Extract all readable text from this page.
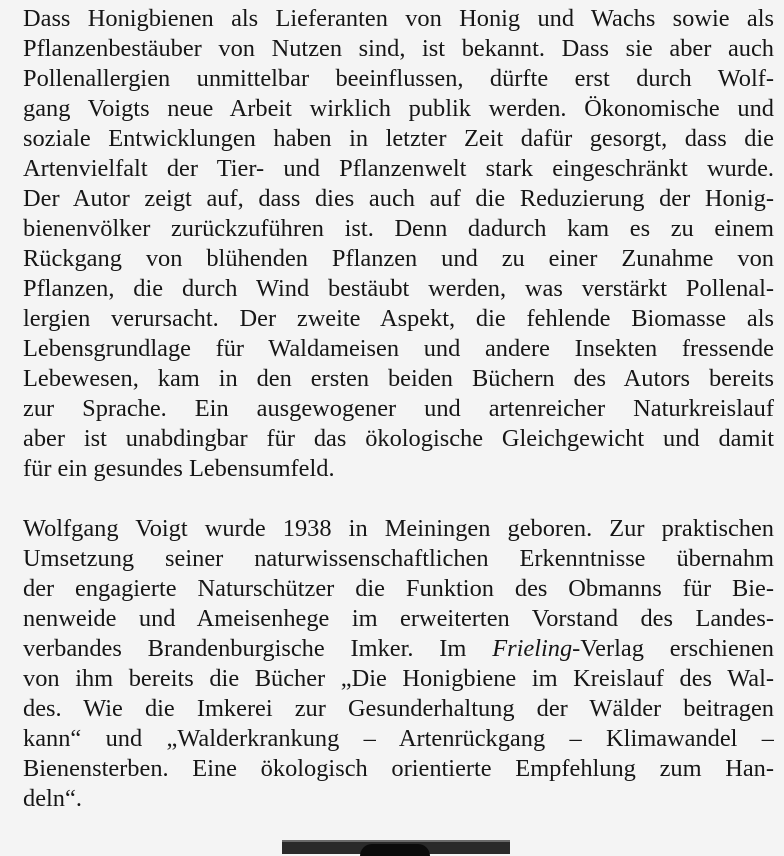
Dass Honigbienen als Lieferanten von Honig und Wachs sowie als
Pflanzenbestäuber von Nutzen sind, ist bekannt. Dass sie aber auch
Pollenallergien unmittelbar beeinflussen, dürfte erst durch Wolf-
gang Voigts neue Arbeit wirklich publik werden. Ökonomische und
soziale Entwicklungen haben in letzter Zeit dafür gesorgt, dass die
Artenvielfalt der Tier- und Pflanzenwelt stark eingeschränkt wurde.
Der Autor zeigt auf, dass dies auch auf die Reduzierung der Honig-
bienenvölker zurückzuführen ist. Denn dadurch kam es zu einem
Rückgang von blühenden Pflanzen und zu einer Zunahme von
Pflanzen, die durch Wind bestäubt werden, was verstärkt Pollenal-
lergien verursacht. Der zweite Aspekt, die fehlende Biomasse als
Lebensgrundlage für Waldameisen und andere Insekten fressende
Lebewesen, kam in den ersten beiden Büchern des Autors bereits
zur Sprache. Ein ausgewogener und artenreicher Naturkreislauf
aber ist unabdingbar für das ökologische Gleichgewicht und damit
für ein gesundes Lebensumfeld.

Wolfgang Voigt wurde 1938 in Meiningen geboren. Zur praktischen
Umsetzung seiner naturwissenschaftlichen Erkenntnisse übernahm
der engagierte Naturschützer die Funktion des Obmanns für Bie-
nenweide und Ameisenhege im erweiterten Vorstand des Landes-
verbandes Brandenburgische Imker. Im Frieling-Verlag erschienen
von ihm bereits die Bücher „Die Honigbiene im Kreislauf des Wal-
des. Wie die Imkerei zur Gesunderhaltung der Wälder beitragen
kann“ und „Walderkrankung – Artenrückgang – Klimawandel –
Bienensterben. Eine ökologisch orientierte Empfehlung zum Han-
deln“.
